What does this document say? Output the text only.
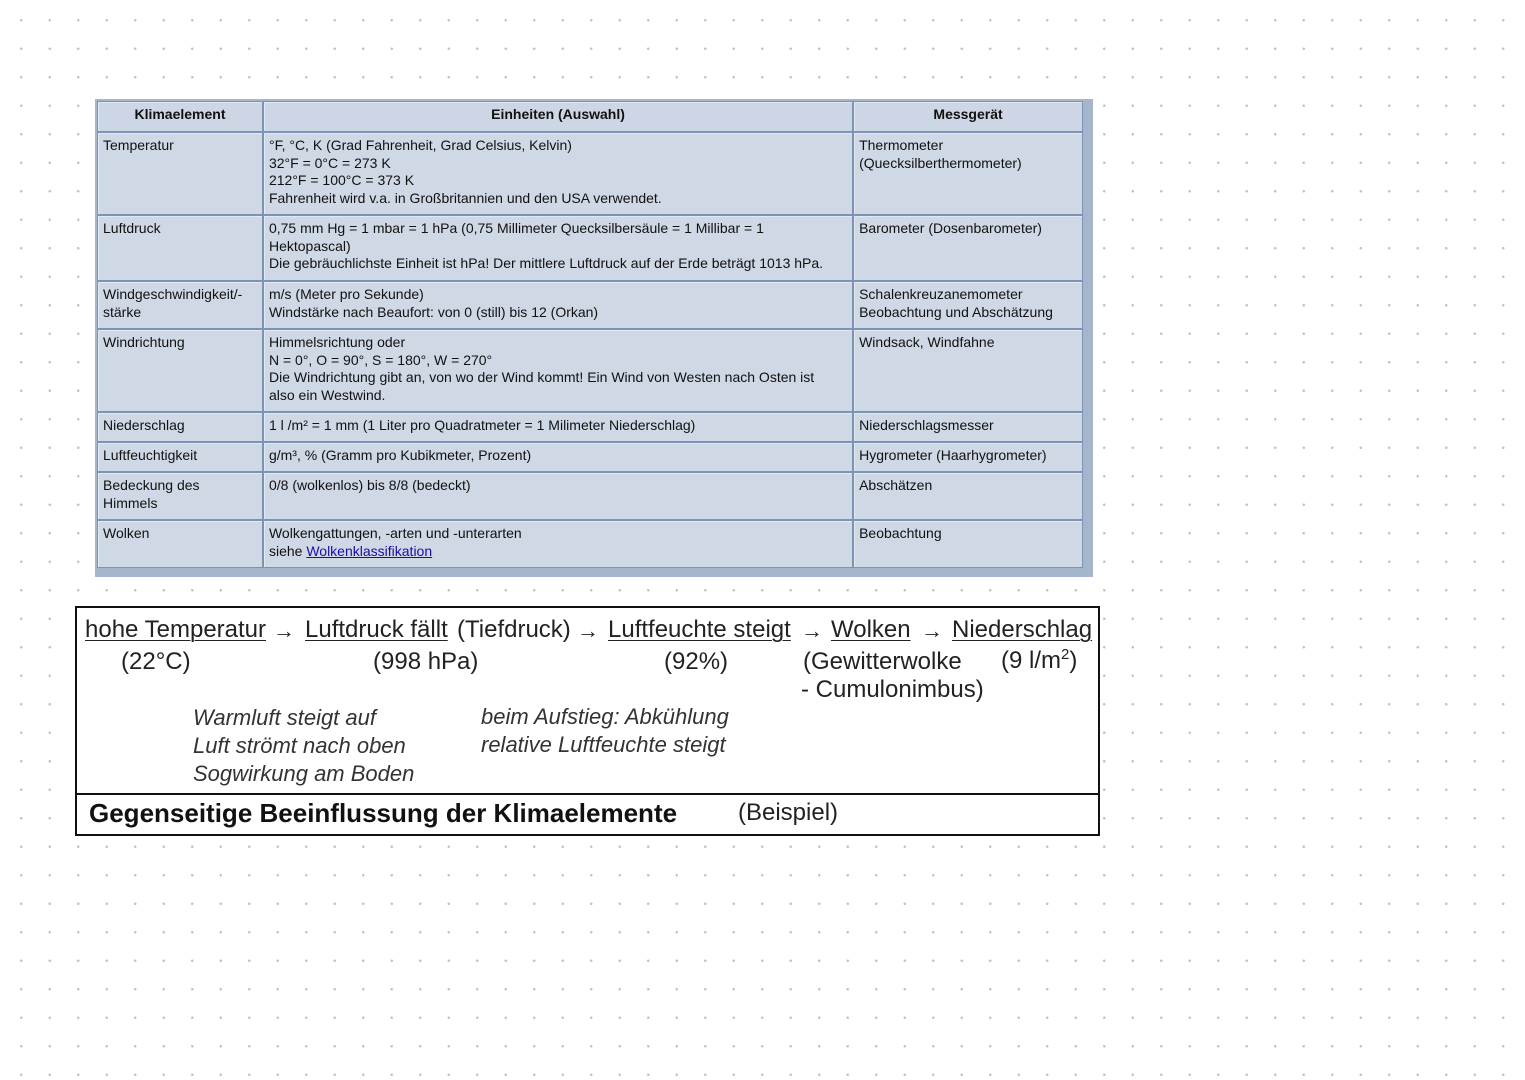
Klimaelement	Einheiten (Auswahl)	Messgerät

Temperatur	°F, °C, K (Grad Fahrenheit, Grad Celsius, Kelvin)
32°F = 0°C = 273 K
212°F = 100°C = 373 K
Fahrenheit wird v.a. in Großbritannien und den USA verwendet.	Thermometer
(Quecksilberthermometer)

Luftdruck	0,75 mm Hg = 1 mbar = 1 hPa (0,75 Millimeter Quecksilbersäule = 1 Millibar = 1
Hektopascal)
Die gebräuchlichste Einheit ist hPa! Der mittlere Luftdruck auf der Erde beträgt 1013 hPa.	Barometer (Dosenbarometer)

Windgeschwindigkeit/-
stärke	m/s (Meter pro Sekunde)
Windstärke nach Beaufort: von 0 (still) bis 12 (Orkan)	Schalenkreuzanemometer
Beobachtung und Abschätzung

Windrichtung	Himmelsrichtung oder
N = 0°, O = 90°, S = 180°, W = 270°
Die Windrichtung gibt an, von wo der Wind kommt! Ein Wind von Westen nach Osten ist
also ein Westwind.	Windsack, Windfahne

Niederschlag	1 l /m² = 1 mm (1 Liter pro Quadratmeter = 1 Milimeter Niederschlag)	Niederschlagsmesser

Luftfeuchtigkeit	g/m³, % (Gramm pro Kubikmeter, Prozent)	Hygrometer (Haarhygrometer)

Bedeckung des
Himmels	0/8 (wolkenlos) bis 8/8 (bedeckt)	Abschätzen

Wolken	Wolkengattungen, -arten und -unterarten
siehe Wolkenklassifikation	Beobachtung
hohe Temperatur → Luftdruck fällt (Tiefdruck) → Luftfeuchte steigt → Wolken → Niederschlag
(22°C)	(998 hPa)	(92%)	(Gewitterwolke
- Cumulonimbus)
(9 $l/m^2$)
Warmluft steigt auf
Luft strömt nach oben
Sogwirkung am Boden
beim Aufstieg: Abkühlung
relative Luftfeuchte steigt
Gegenseitige Beeinflussung der Klimaelemente	(Beispiel)
